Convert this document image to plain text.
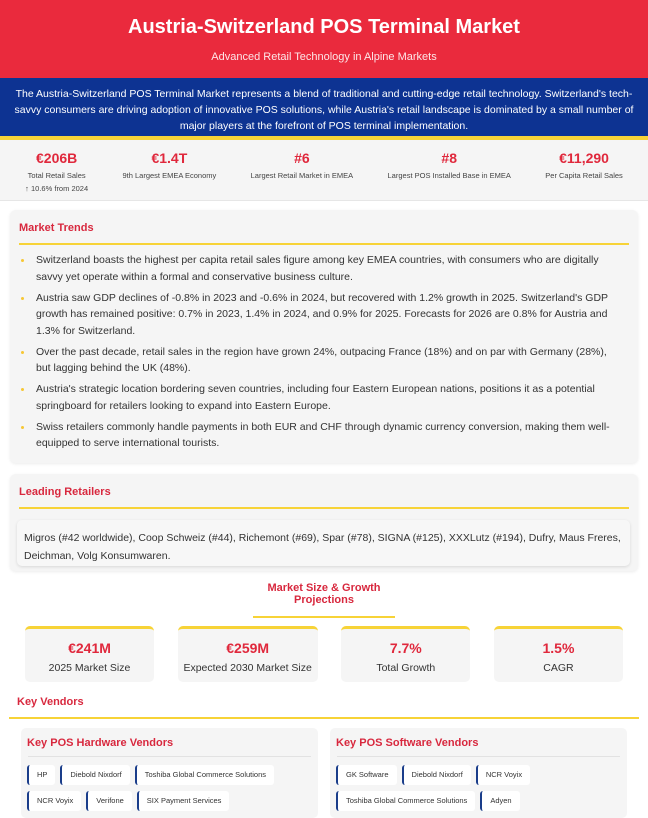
Austria-Switzerland POS Terminal Market
Advanced Retail Technology in Alpine Markets

The Austria-Switzerland POS Terminal Market represents a blend of traditional and cutting-edge retail technology. Switzerland's tech-savvy consumers are driving adoption of innovative POS solutions, while Austria's retail landscape is dominated by a small number of major players at the forefront of POS terminal implementation.

€206B
Total Retail Sales
↑ 10.6% from 2024
€1.4T
9th Largest EMEA Economy
#6
Largest Retail Market in EMEA
#8
Largest POS Installed Base in EMEA
€11,290
Per Capita Retail Sales
Market Trends
Switzerland boasts the highest per capita retail sales figure among key EMEA countries, with consumers who are digitally savvy yet operate within a formal and conservative business culture.
Austria saw GDP declines of -0.8% in 2023 and -0.6% in 2024, but recovered with 1.2% growth in 2025. Switzerland's GDP growth has remained positive: 0.7% in 2023, 1.4% in 2024, and 0.9% for 2025. Forecasts for 2026 are 0.8% for Austria and 1.3% for Switzerland.
Over the past decade, retail sales in the region have grown 24%, outpacing France (18%) and on par with Germany (28%), but lagging behind the UK (48%).
Austria's strategic location bordering seven countries, including four Eastern European nations, positions it as a potential springboard for retailers looking to expand into Eastern Europe.
Swiss retailers commonly handle payments in both EUR and CHF through dynamic currency conversion, making them well-equipped to serve international tourists.
Leading Retailers
Migros (#42 worldwide), Coop Schweiz (#44), Richemont (#69), Spar (#78), SIGNA (#125), XXXLutz (#194), Dufry, Maus Freres, Deichman, Volg Konsumwaren.
Market Size & Growth Projections
€241M
2025 Market Size
€259M
Expected 2030 Market Size
7.7%
Total Growth
1.5%
CAGR
Key Vendors
Key POS Hardware Vendors
HP	Diebold Nixdorf	Toshiba Global Commerce Solutions
NCR Voyix	Verifone	SIX Payment Services
Key POS Software Vendors
GK Software	Diebold Nixdorf	NCR Voyix
Toshiba Global Commerce Solutions	Adyen
